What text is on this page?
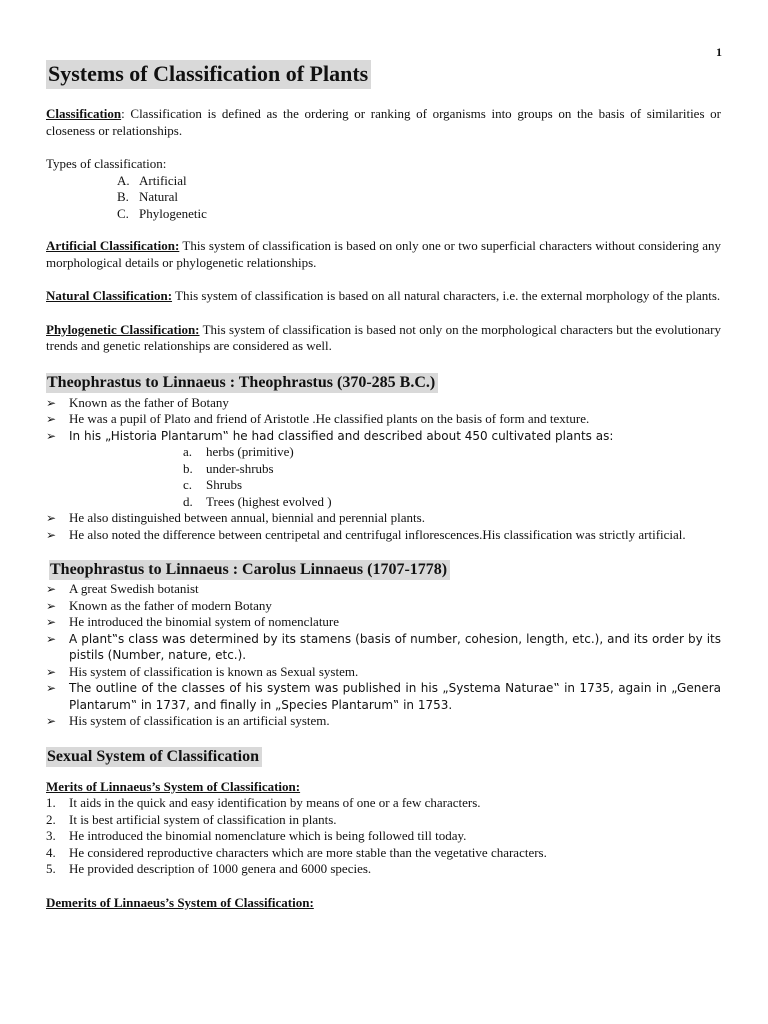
1
Systems of Classification of Plants

Classification: Classification is defined as the ordering or ranking of organisms into groups on the basis of similarities or closeness or relationships.

Types of classification:

A. Artificial
B. Natural
C. Phylogenetic

Artificial Classification: This system of classification is based on only one or two superficial characters without considering any morphological details or phylogenetic relationships.

Natural Classification: This system of classification is based on all natural characters, i.e. the external morphology of the plants.

Phylogenetic Classification: This system of classification is based not only on the morphological characters but the evolutionary trends and genetic relationships are considered as well.

Theophrastus to Linnaeus : Theophrastus (370-285 B.C.)
➢ Known as the father of Botany
➢ He was a pupil of Plato and friend of Aristotle .He classified plants on the basis of form and texture.
➢	In his „Historia Plantarum‟ he had classified and described about 450 cultivated plants as:
a. herbs (primitive)
b. under-shrubs
c. Shrubs
d. Trees (highest evolved )
➢ He also distinguished between annual, biennial and perennial plants.
➢ He also noted the difference between centripetal and centrifugal inflorescences.His classification was strictly artificial.
Theophrastus to Linnaeus : Carolus Linnaeus (1707-1778)
➢ A great Swedish botanist
➢ Known as the father of modern Botany
➢ He introduced the binomial system of nomenclature
➢	A plant‟s class was determined by its stamens (basis of number, cohesion, length, etc.), and its order by its pistils (Number, nature, etc.).
➢ His system of classification is known as Sexual system.
➢	The outline of the classes of his system was published in his „Systema Naturae‟ in 1735, again in „Genera Plantarum‟ in 1737, and finally in „Species Plantarum‟ in 1753.
➢ His system of classification is an artificial system.
Sexual System of Classification

Merits of Linnaeus’s System of Classification:

1. It aids in the quick and easy identification by means of one or a few characters.
2. It is best artificial system of classification in plants.
3. He introduced the binomial nomenclature which is being followed till today.
4. He considered reproductive characters which are more stable than the vegetative characters.
5. He provided description of 1000 genera and 6000 species.

Demerits of Linnaeus’s System of Classification:
